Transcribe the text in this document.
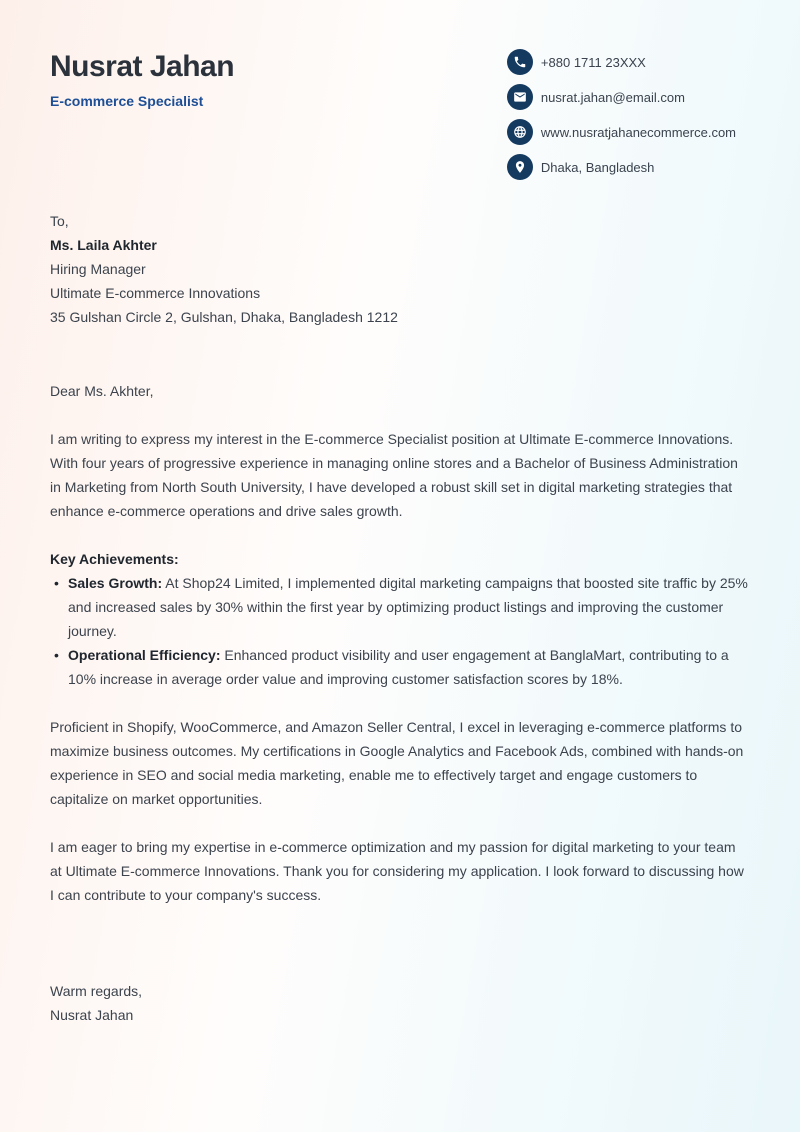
Nusrat Jahan
E-commerce Specialist
+880 1711 23XXX
nusrat.jahan@email.com
www.nusratjahanecommerce.com
Dhaka, Bangladesh
To,
Ms. Laila Akhter
Hiring Manager
Ultimate E-commerce Innovations
35 Gulshan Circle 2, Gulshan, Dhaka, Bangladesh 1212

Dear Ms. Akhter,

I am writing to express my interest in the E-commerce Specialist position at Ultimate E-commerce Innovations. With four years of progressive experience in managing online stores and a Bachelor of Business Administration in Marketing from North South University, I have developed a robust skill set in digital marketing strategies that enhance e-commerce operations and drive sales growth.

Key Achievements:
• Sales Growth: At Shop24 Limited, I implemented digital marketing campaigns that boosted site traffic by 25% and increased sales by 30% within the first year by optimizing product listings and improving the customer journey.
• Operational Efficiency: Enhanced product visibility and user engagement at BanglaMart, contributing to a 10% increase in average order value and improving customer satisfaction scores by 18%.

Proficient in Shopify, WooCommerce, and Amazon Seller Central, I excel in leveraging e-commerce platforms to maximize business outcomes. My certifications in Google Analytics and Facebook Ads, combined with hands-on experience in SEO and social media marketing, enable me to effectively target and engage customers to capitalize on market opportunities.

I am eager to bring my expertise in e-commerce optimization and my passion for digital marketing to your team at Ultimate E-commerce Innovations. Thank you for considering my application. I look forward to discussing how I can contribute to your company's success.

Warm regards,
Nusrat Jahan
